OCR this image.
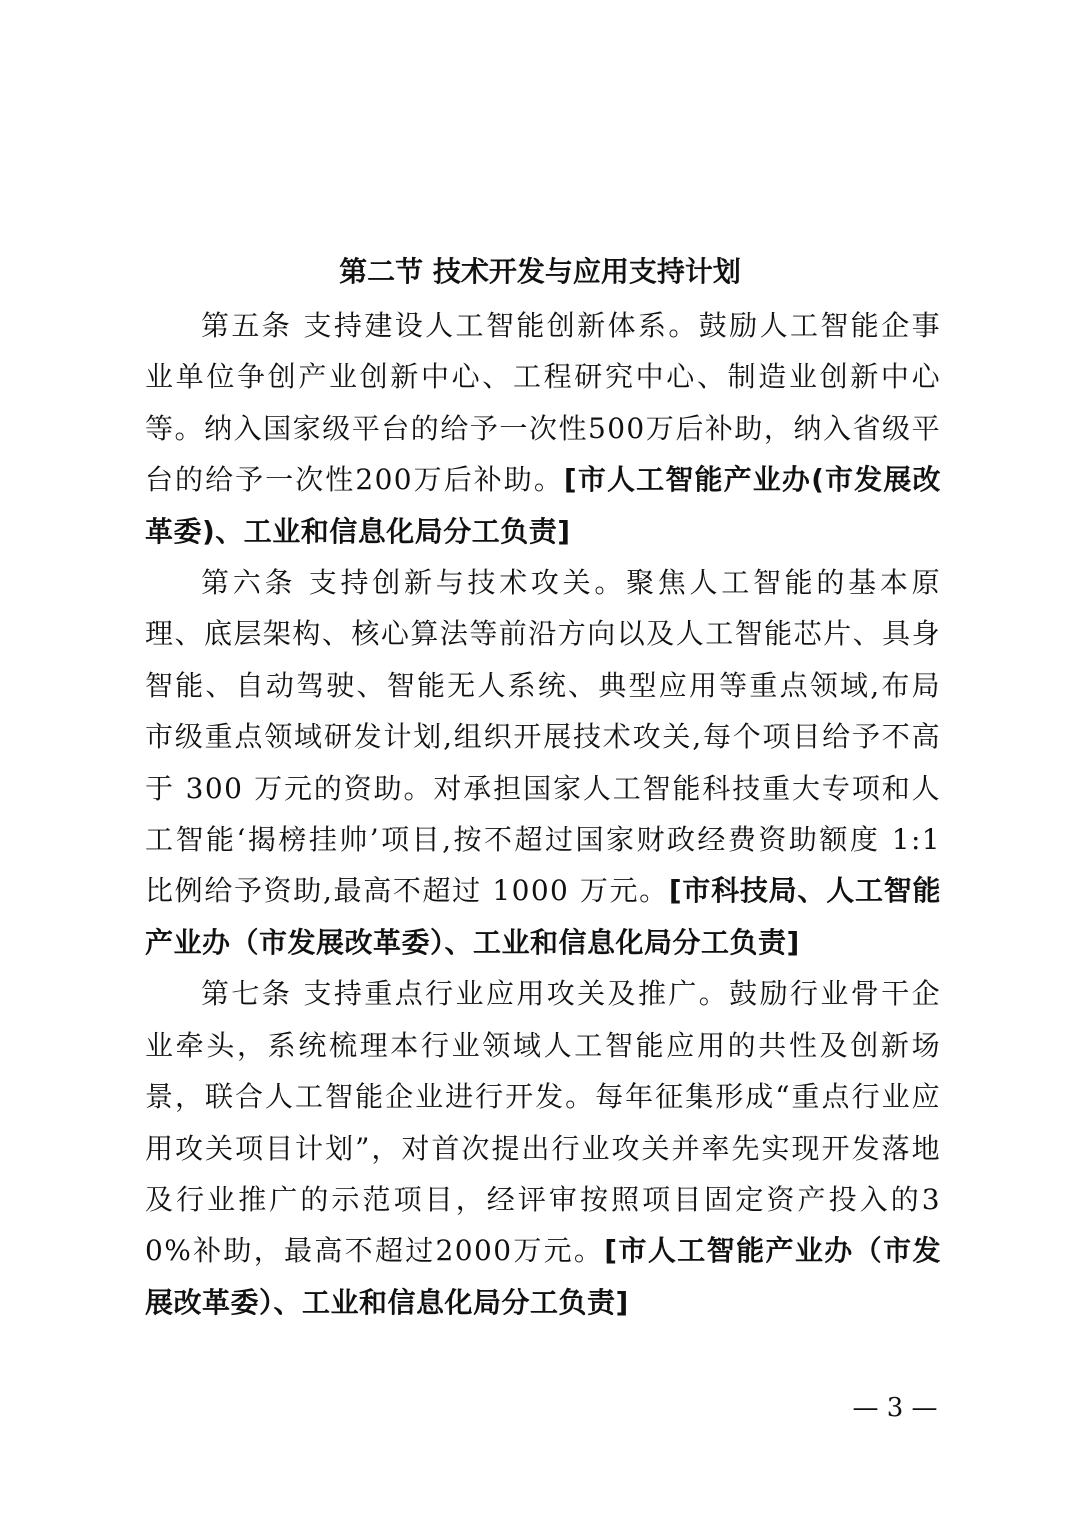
第二节 技术开发与应用支持计划

第五条 支持建设人工智能创新体系。鼓励人工智能企事业单位争创产业创新中心、工程研究中心、制造业创新中心等。纳入国家级平台的给予一次性500万后补助，纳入省级平台的给予一次性200万后补助。[市人工智能产业办(市发展改革委)、工业和信息化局分工负责]

第六条 支持创新与技术攻关。聚焦人工智能的基本原理、底层架构、核心算法等前沿方向以及人工智能芯片、具身智能、自动驾驶、智能无人系统、典型应用等重点领域,布局市级重点领域研发计划,组织开展技术攻关,每个项目给予不高于 300 万元的资助。对承担国家人工智能科技重大专项和人工智能‘揭榜挂帅’项目,按不超过国家财政经费资助额度 1:1 比例给予资助,最高不超过 1000 万元。[市科技局、人工智能产业办（市发展改革委）、工业和信息化局分工负责]

第七条 支持重点行业应用攻关及推广。鼓励行业骨干企业牵头，系统梳理本行业领域人工智能应用的共性及创新场景，联合人工智能企业进行开发。每年征集形成“重点行业应用攻关项目计划”，对首次提出行业攻关并率先实现开发落地及行业推广的示范项目，经评审按照项目固定资产投入的30%补助，最高不超过2000万元。[市人工智能产业办（市发展改革委）、工业和信息化局分工负责]

— 3 —
